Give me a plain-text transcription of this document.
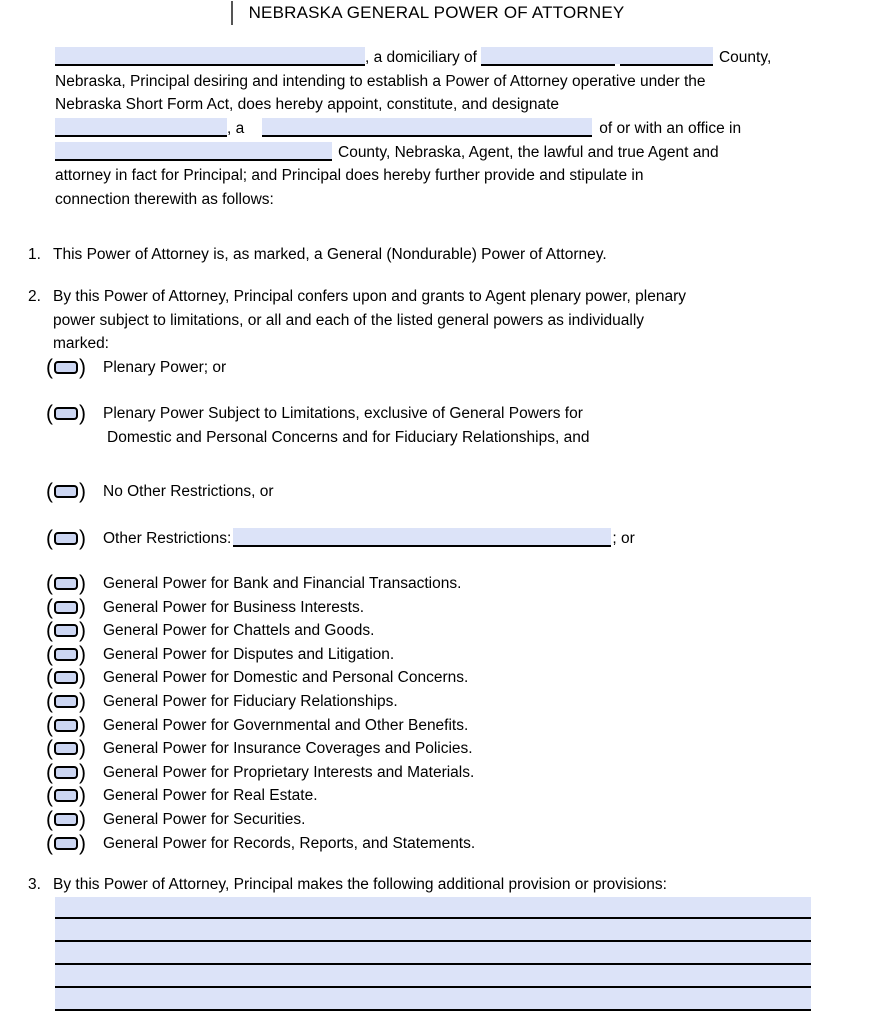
NEBRASKA GENERAL POWER OF ATTORNEY
, a domiciliary of	County,
Nebraska, Principal desiring and intending to establish a Power of Attorney operative under the
Nebraska Short Form Act, does hereby appoint, constitute, and designate
, a	of or with an office in
County, Nebraska, Agent, the lawful and true Agent and
attorney in fact for Principal; and Principal does hereby further provide and stipulate in
connection therewith as follows:
1. This Power of Attorney is, as marked, a General (Nondurable) Power of Attorney.
2. By this Power of Attorney, Principal confers upon and grants to Agent plenary power, plenary
power subject to limitations, or all and each of the listed general powers as individually
marked:
( ) Plenary Power; or
( ) Plenary Power Subject to Limitations, exclusive of General Powers for
Domestic and Personal Concerns and for Fiduciary Relationships, and
( ) No Other Restrictions, or
( ) Other Restrictions:	; or
( ) General Power for Bank and Financial Transactions.
( ) General Power for Business Interests.
( ) General Power for Chattels and Goods.
( ) General Power for Disputes and Litigation.
( ) General Power for Domestic and Personal Concerns.
( ) General Power for Fiduciary Relationships.
( ) General Power for Governmental and Other Benefits.
( ) General Power for Insurance Coverages and Policies.
( ) General Power for Proprietary Interests and Materials.
( ) General Power for Real Estate.
( ) General Power for Securities.
( ) General Power for Records, Reports, and Statements.
3. By this Power of Attorney, Principal makes the following additional provision or provisions:
